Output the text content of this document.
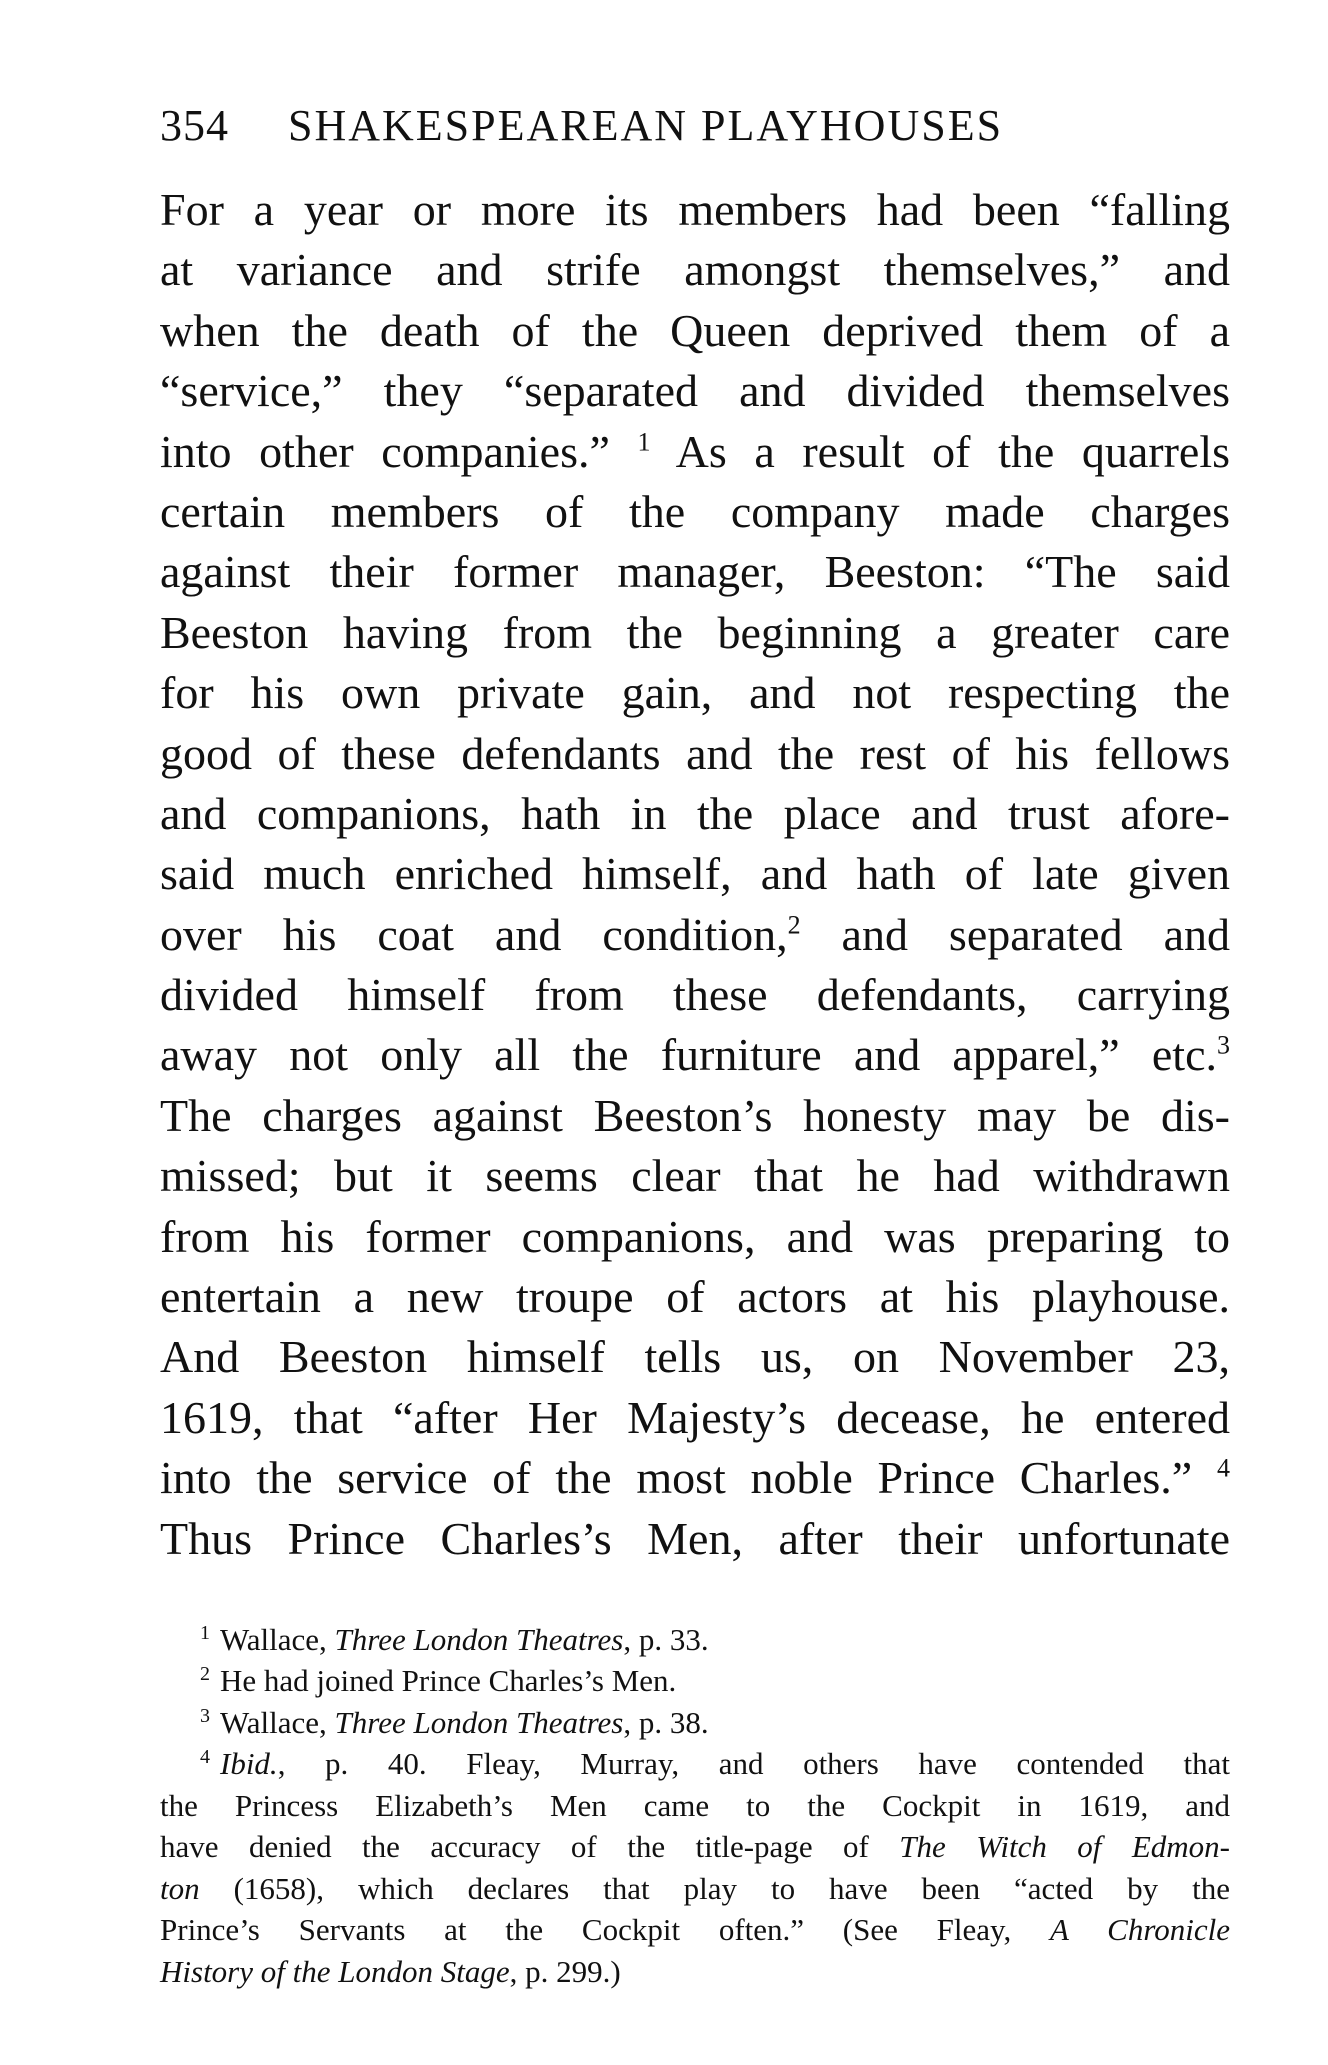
354 SHAKESPEAREAN PLAYHOUSES
For a year or more its members had been “falling
at variance and strife amongst themselves,” and
when the death of the Queen deprived them of a
“service,” they “separated and divided themselves
into other companies.” $^1$ As a result of the quarrels
certain members of the company made charges
against their former manager, Beeston: “The said
Beeston having from the beginning a greater care
for his own private gain, and not respecting the
good of these defendants and the rest of his fellows
and companions, hath in the place and trust afore-
said much enriched himself, and hath of late given
over his coat and condition,$^2$ and separated and
divided himself from these defendants, carrying
away not only all the furniture and apparel,” etc.$^3$
The charges against Beeston’s honesty may be dis-
missed; but it seems clear that he had withdrawn
from his former companions, and was preparing to
entertain a new troupe of actors at his playhouse.
And Beeston himself tells us, on November 23,
1619, that “after Her Majesty’s decease, he entered
into the service of the most noble Prince Charles.” $^4$
Thus Prince Charles’s Men, after their unfortunate
$^1$ Wallace, Three London Theatres, p. 33.
$^2$ He had joined Prince Charles’s Men.
$^3$ Wallace, Three London Theatres, p. 38.
$^4$ Ibid., p. 40. Fleay, Murray, and others have contended that
the Princess Elizabeth’s Men came to the Cockpit in 1619, and
have denied the accuracy of the title-page of The Witch of Edmon-
ton (1658), which declares that play to have been “acted by the
Prince’s Servants at the Cockpit often.” (See Fleay, A Chronicle
History of the London Stage, p. 299.)
